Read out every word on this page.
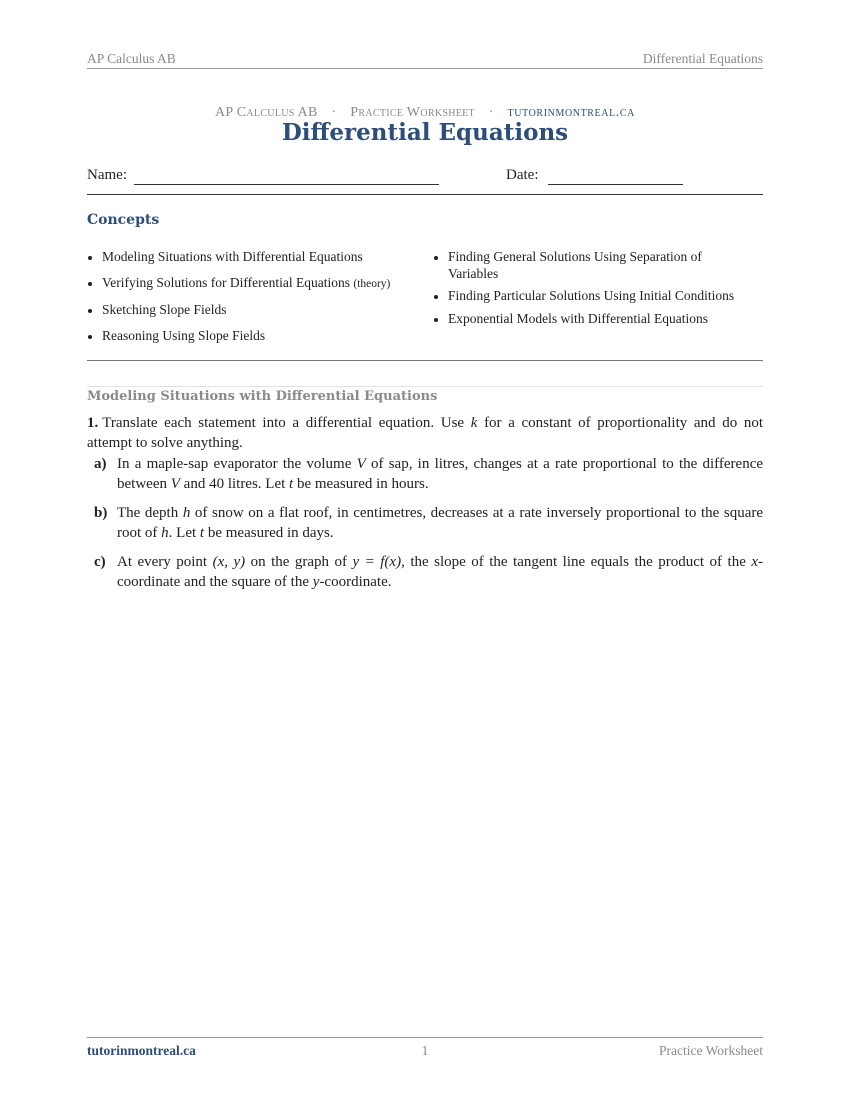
AP Calculus AB	Differential Equations
AP Calculus AB · Practice Worksheet · tutorinmontreal.ca
Differential Equations
Name:	Date:
Concepts
Modeling Situations with Differential Equations
Verifying Solutions for Differential Equations (theory)
Sketching Slope Fields
Reasoning Using Slope Fields
Finding General Solutions Using Separation of Variables
Finding Particular Solutions Using Initial Conditions
Exponential Models with Differential Equations
Modeling Situations with Differential Equations
1. Translate each statement into a differential equation. Use k for a constant of proportionality and do not attempt to solve anything.
a) In a maple-sap evaporator the volume V of sap, in litres, changes at a rate proportional to the difference between V and 40 litres. Let t be measured in hours.
b) The depth h of snow on a flat roof, in centimetres, decreases at a rate inversely proportional to the square root of h. Let t be measured in days.
c) At every point (x, y) on the graph of y = f(x), the slope of the tangent line equals the product of the x-coordinate and the square of the y-coordinate.
tutorinmontreal.ca	1	Practice Worksheet
